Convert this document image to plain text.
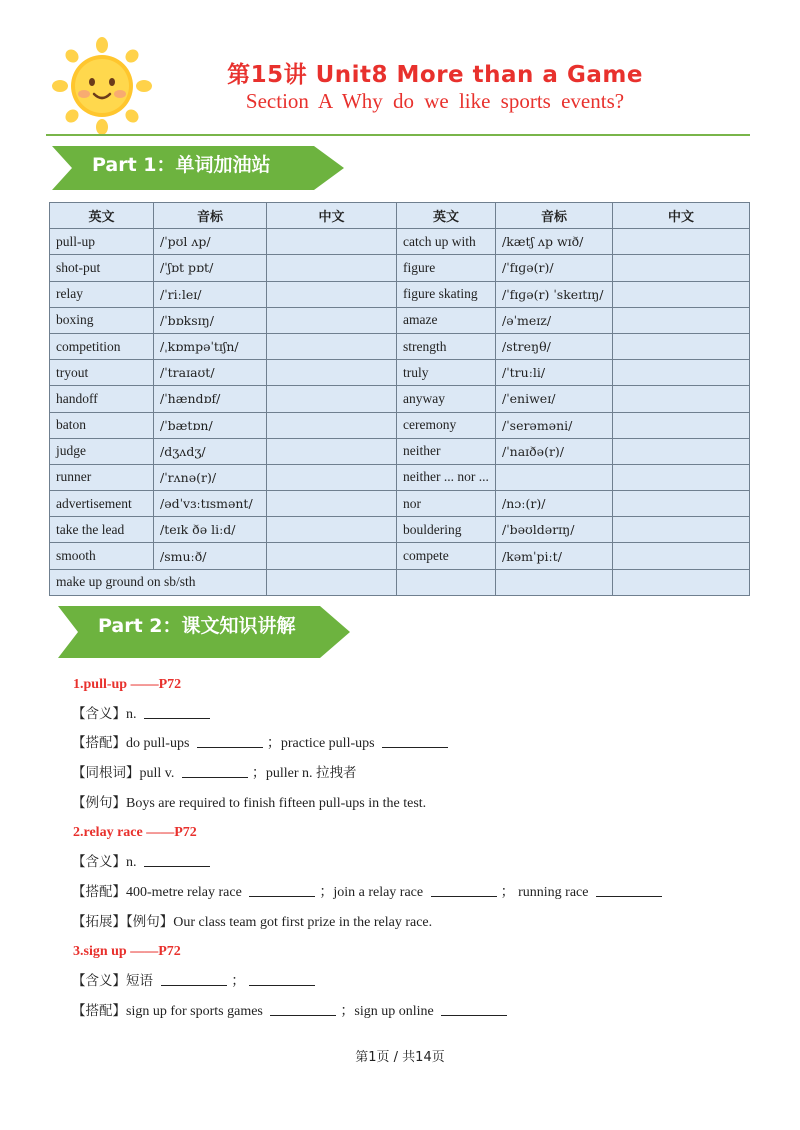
第15讲 Unit8 More than a Game
Section A Why do we like sports events?
Part 1：单词加油站
英文	音标	中文	英文	音标	中文
pull-up	/ˈpʊl ʌp/		catch up with	/kætʃ ʌp wɪð/	
shot-put	/ˈʃɒt pɒt/		figure	/ˈfɪɡə(r)/	
relay	/ˈriːleɪ/		figure skating	/ˈfɪɡə(r) ˈskeɪtɪŋ/	
boxing	/ˈbɒksɪŋ/		amaze	/əˈmeɪz/	
competition	/ˌkɒmpəˈtɪʃn/		strength	/streŋθ/	
tryout	/ˈtraɪaʊt/		truly	/ˈtruːli/	
handoff	/ˈhændɒf/		anyway	/ˈeniweɪ/	
baton	/ˈbætɒn/		ceremony	/ˈserəməni/	
judge	/dʒʌdʒ/		neither	/ˈnaɪðə(r)/	
runner	/ˈrʌnə(r)/		neither ... nor ...		
advertisement	/ədˈvɜːtɪsmənt/		nor	/nɔː(r)/	
take the lead	/teɪk ðə liːd/		bouldering	/ˈbəʊldərɪŋ/	
smooth	/smuːð/		compete	/kəmˈpiːt/	
make up ground on sb/sth					
Part 2：课文知识讲解
1.pull-up ——P72
【含义】n.
【搭配】do pull-ups	；practice pull-ups
【同根词】pull v.	；puller n. 拉拽者
【例句】Boys are required to finish fifteen pull-ups in the test.
2.relay race ——P72
【含义】n.
【搭配】400-metre relay race	；join a relay race	； running race
【拓展】【例句】Our class team got first prize in the relay race.
3.sign up ——P72
【含义】短语	；
【搭配】sign up for sports games	；sign up online
第1页 / 共14页
